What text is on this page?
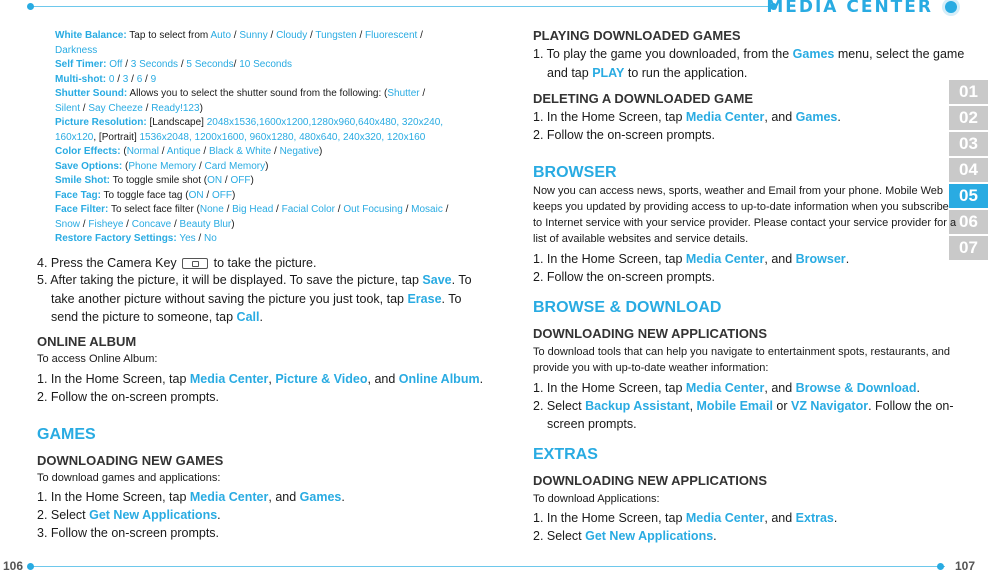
MEDIA CENTER
106	107
01
02
03
04
05
06
07
White Balance: Tap to select from Auto / Sunny / Cloudy / Tungsten / Fluorescent /
Darkness
Self Timer: Off / 3 Seconds / 5 Seconds/ 10 Seconds
Multi-shot: 0 / 3 / 6 / 9
Shutter Sound: Allows you to select the shutter sound from the following: (Shutter /
Silent / Say Cheeze / Ready!123)
Picture Resolution: [Landscape] 2048x1536,1600x1200,1280x960,640x480, 320x240,
160x120, [Portrait] 1536x2048, 1200x1600, 960x1280, 480x640, 240x320, 120x160
Color Effects: (Normal / Antique / Black & White / Negative)
Save Options: (Phone Memory / Card Memory)
Smile Shot: To toggle smile shot (ON / OFF)
Face Tag: To toggle face tag (ON / OFF)
Face Filter: To select face filter (None / Big Head / Facial Color / Out Focusing / Mosaic /
Snow / Fisheye / Concave / Beauty Blur)
Restore Factory Settings: Yes / No
4. Press the Camera Key  to take the picture.
5. After taking the picture, it will be displayed. To save the picture, tap Save. To
take another picture without saving the picture you just took, tap Erase. To
send the picture to someone, tap Call.
ONLINE ALBUM
To access Online Album:
1. In the Home Screen, tap Media Center, Picture & Video, and Online Album.
2. Follow the on-screen prompts.
GAMES
DOWNLOADING NEW GAMES
To download games and applications:
1. In the Home Screen, tap Media Center, and Games.
2. Select Get New Applications.
3. Follow the on-screen prompts.
PLAYING DOWNLOADED GAMES
1. To play the game you downloaded, from the Games menu, select the game
and tap PLAY to run the application.
DELETING A DOWNLOADED GAME
1. In the Home Screen, tap Media Center, and Games.
2. Follow the on-screen prompts.
BROWSER
Now you can access news, sports, weather and Email from your phone. Mobile Web
keeps you updated by providing access to up-to-date information when you subscribe
to Internet service with your service provider. Please contact your service provider for a
list of available websites and service details.
1. In the Home Screen, tap Media Center, and Browser.
2. Follow the on-screen prompts.
BROWSE & DOWNLOAD
DOWNLOADING NEW APPLICATIONS
To download tools that can help you navigate to entertainment spots, restaurants, and
provide you with up-to-date weather information:
1. In the Home Screen, tap Media Center, and Browse & Download.
2. Select Backup Assistant, Mobile Email or VZ Navigator. Follow the on-
screen prompts.
EXTRAS
DOWNLOADING NEW APPLICATIONS
To download Applications:
1. In the Home Screen, tap Media Center, and Extras.
2. Select Get New Applications.
